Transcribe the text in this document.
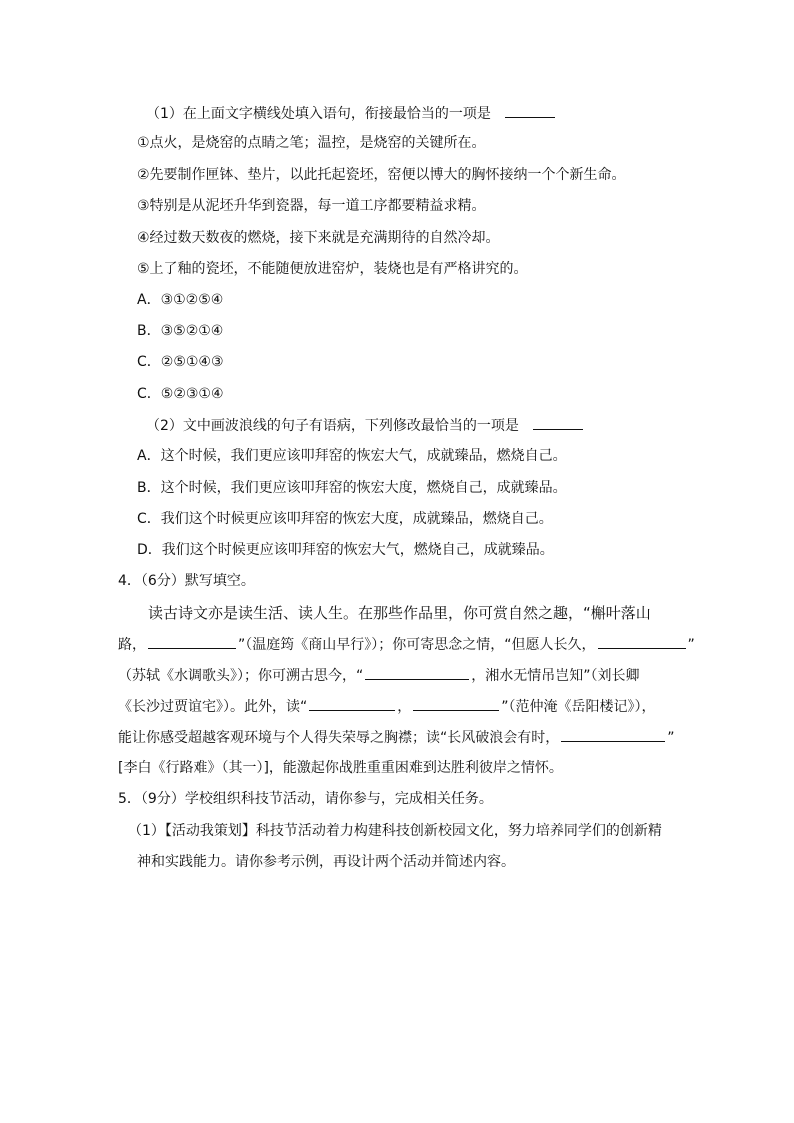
（1）在上面文字横线处填入语句，衔接最恰当的一项是
①点火，是烧窑的点睛之笔；温控，是烧窑的关键所在。
②先要制作匣钵、垫片，以此托起瓷坯，窑便以博大的胸怀接纳一个个新生命。
③特别是从泥坯升华到瓷器，每一道工序都要精益求精。
④经过数天数夜的燃烧，接下来就是充满期待的自然冷却。
⑤上了釉的瓷坯，不能随便放进窑炉，装烧也是有严格讲究的。
A．③①②⑤④
B．③⑤②①④
C．②⑤①④③
C．⑤②③①④
（2）文中画波浪线的句子有语病，下列修改最恰当的一项是
A．这个时候，我们更应该叩拜窑的恢宏大气，成就臻品，燃烧自己。
B．这个时候，我们更应该叩拜窑的恢宏大度，燃烧自己，成就臻品。
C．我们这个时候更应该叩拜窑的恢宏大度，成就臻品，燃烧自己。
D．我们这个时候更应该叩拜窑的恢宏大气，燃烧自己，成就臻品。
4．（6分）默写填空。
读古诗文亦是读生活、读人生。在那些作品里，你可赏自然之趣，“槲叶落山
路，	”（温庭筠《商山早行》）；你可寄思念之情，“但愿人长久，	”
（苏轼《水调歌头》）；你可溯古思今，“	，湘水无情吊岂知”（刘长卿
《长沙过贾谊宅》）。此外，读“	，	”（范仲淹《岳阳楼记》），
能让你感受超越客观环境与个人得失荣辱之胸襟；读“长风破浪会有时，	”
[李白《行路难》（其一）]，能激起你战胜重重困难到达胜利彼岸之情怀。
5．（9分）学校组织科技节活动，请你参与，完成相关任务。
（1）【活动我策划】科技节活动着力构建科技创新校园文化，努力培养同学们的创新精
神和实践能力。请你参考示例，再设计两个活动并简述内容。
